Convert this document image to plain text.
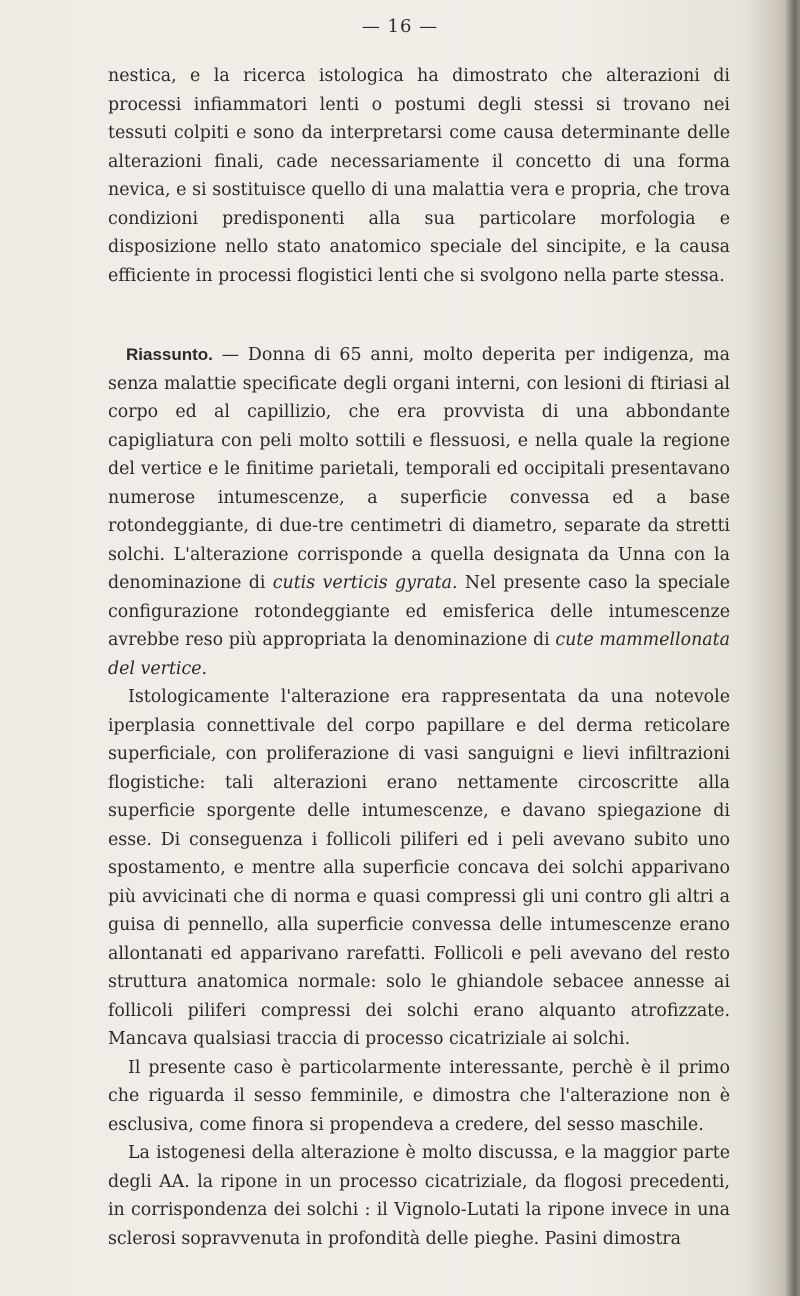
— 16 —

nestica, e la ricerca istologica ha dimostrato che alterazioni di processi infiammatori lenti o postumi degli stessi si trovano nei tessuti colpiti e sono da interpretarsi come causa determinante delle alterazioni finali, cade necessariamente il concetto di una forma nevica, e si sostituisce quello di una malattia vera e propria, che trova condizioni predisponenti alla sua particolare morfologia e disposizione nello stato anatomico speciale del sincipite, e la causa efficiente in processi flogistici lenti che si svolgono nella parte stessa.

Riassunto. — Donna di 65 anni, molto deperita per indigenza, ma senza malattie specificate degli organi interni, con lesioni di ftiriasi al corpo ed al capillizio, che era provvista di una abbondante capigliatura con peli molto sottili e flessuosi, e nella quale la regione del vertice e le finitime parietali, temporali ed occipitali presentavano numerose intumescenze, a superficie convessa ed a base rotondeggiante, di due-tre centimetri di diametro, separate da stretti solchi. L'alterazione corrisponde a quella designata da Unna con la denominazione di cutis verticis gyrata. Nel presente caso la speciale configurazione rotondeggiante ed emisferica delle intumescenze avrebbe reso più appropriata la denominazione di cute mammellonata del vertice.

Istologicamente l'alterazione era rappresentata da una notevole iperplasia connettivale del corpo papillare e del derma reticolare superficiale, con proliferazione di vasi sanguigni e lievi infiltrazioni flogistiche: tali alterazioni erano nettamente circoscritte alla superficie sporgente delle intumescenze, e davano spiegazione di esse. Di conseguenza i follicoli piliferi ed i peli avevano subito uno spostamento, e mentre alla superficie concava dei solchi apparivano più avvicinati che di norma e quasi compressi gli uni contro gli altri a guisa di pennello, alla superficie convessa delle intumescenze erano allontanati ed apparivano rarefatti. Follicoli e peli avevano del resto struttura anatomica normale: solo le ghiandole sebacee annesse ai follicoli piliferi compressi dei solchi erano alquanto atrofizzate. Mancava qualsiasi traccia di processo cicatriziale ai solchi.

Il presente caso è particolarmente interessante, perchè è il primo che riguarda il sesso femminile, e dimostra che l'alterazione non è esclusiva, come finora si propendeva a credere, del sesso maschile.

La istogenesi della alterazione è molto discussa, e la maggior parte degli AA. la ripone in un processo cicatriziale, da flogosi precedenti, in corrispondenza dei solchi : il Vignolo-Lutati la ripone invece in una sclerosi sopravvenuta in profondità delle pieghe. Pasini dimostra
